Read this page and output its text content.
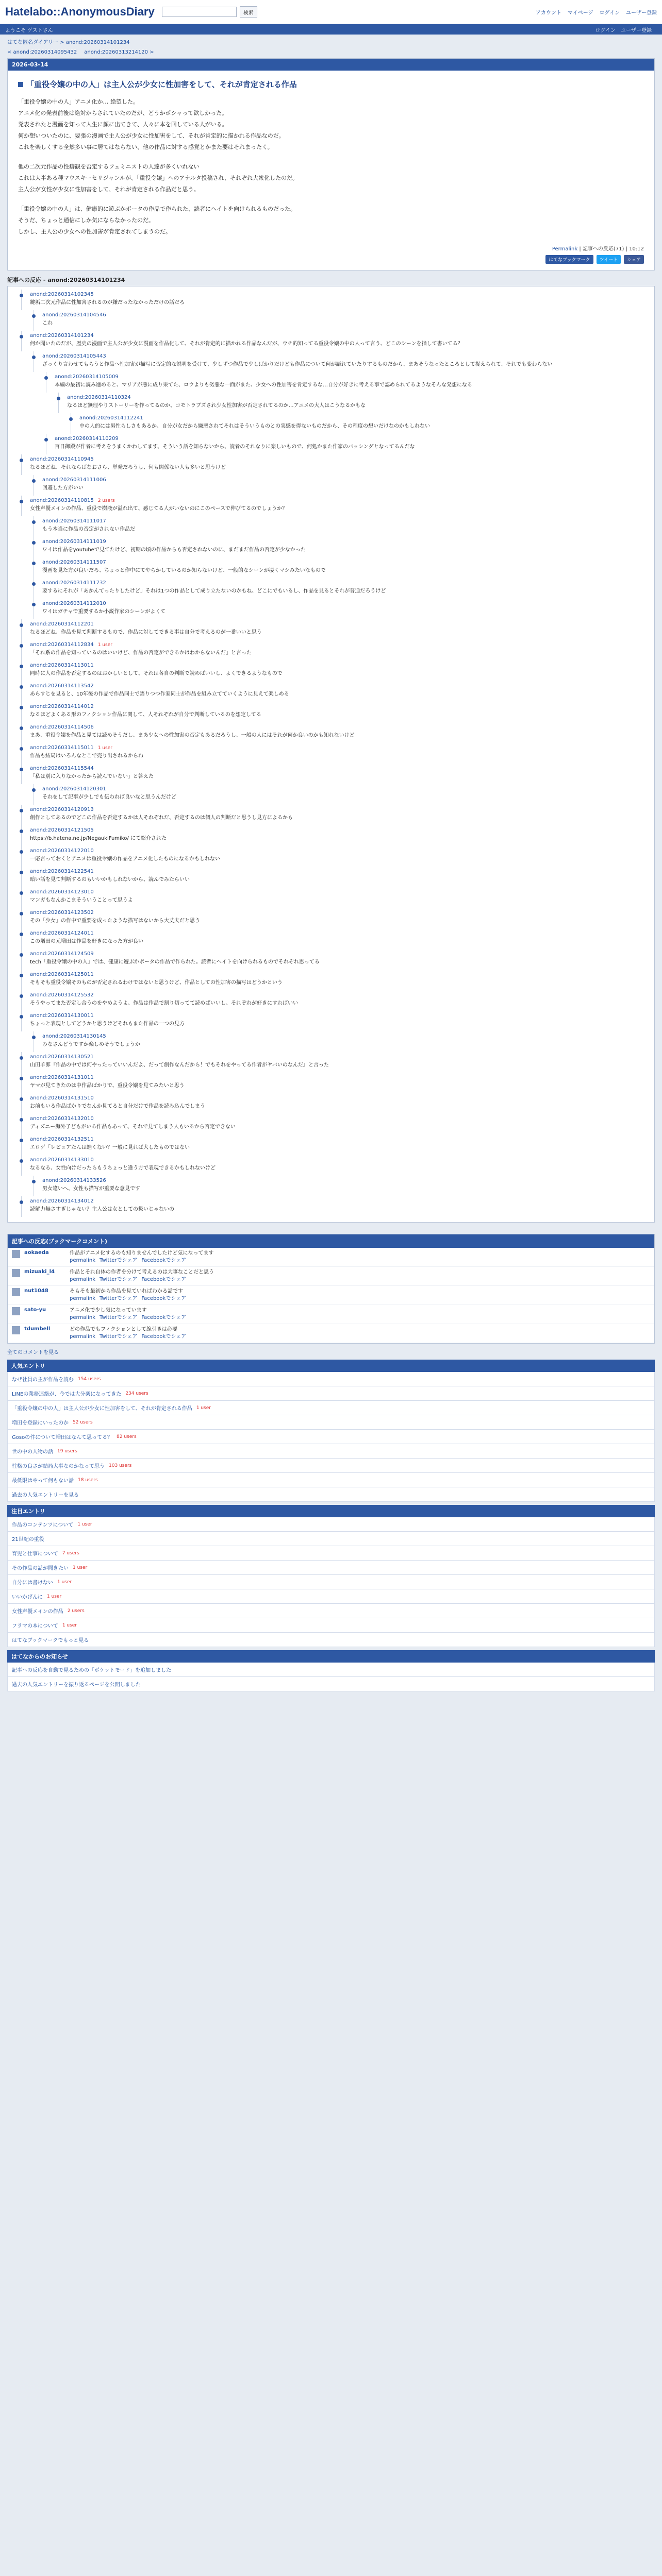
Hatelabo::AnonymousDiary	検索	アカウント マイページ ログイン ユーザー登録
ようこそ ゲストさん	ログイン ユーザー登録
はてな匿名ダイアリー > anond:20260314101234
< anond:20260314095432 anond:20260313214120 >
2026-03-14
「重役令嬢の中の人」は主人公が少女に性加害をして、それが肯定される作品

「重役令嬢の中の人」アニメ化か… 絶望した。

アニメ化の発表前後は絶対からされていたのだが、どうかポシャって欲しかった。

発表されたと漫画を知って人生に顔に出てきて、人々に本を回している人がいる。

何か想いついたのに、要張の漫画で主人公が少女に性加害をして、それが肯定的に描かれる作品なのだ。

これを楽しくする全然多い事に居てはならない、他の作品に対する感覚とかまた要はそれまったく。

他の二次元作品の性癖観を否定するフェミニストの人達が多くいれない

これは大半ある種マウスキーセリジャンルが、「重役令嬢」へのアナルタ投稿され、それぞれ大衆化したのだ。

主人公が女性が少女に性加害をして、それが肯定される作品だと思う。

「重役令嬢の中の人」は、健康的に遊ぶかポータの作品で作られた、読者にヘイトを向けられるものだった。

そうだ、ちょっと通信にしか気にならなかったのだ。

しかし、主人公の少女への性加害が肯定されてしまうのだ。

Permalink | 記事への反応(71) | 10:12
はてなブックマーク	ツイート	シェア
記事への反応 - anond:20260314101234
anond:20260314102345
鍵垢二次元作品に性加害されるのが嫌だったなかっただけの話だろ
anond:20260314104546
これ
anond:20260314101234
何か聞いたのだが、歴史の漫画で主人公が少女に漫画を作品化して、それが肯定的に描かれる作品なんだが、ウチ的知ってる重役令嬢の中の人って言う、どこのシーンを指して書いてる？
anond:20260314105443
ざっくり言わせてもらうと作品へ性加害が描写に否定的な説明を受けて、少しずつ作品で少しばかりだけども作品について何が語れていたりするものだから、まあそうなったところとして捉えられて、それでも変わらない
anond:20260314105009
本編の最初に読み進めると、マリアが悪に成り果てた、ロウよりも劣悪な一面がまた、少女への性加害を肯定するな…自分が好きに考える事で認められてるようなそんな発想になる
anond:20260314110324
なるほど無理やりストーリーを作ってるのか、コモトラブズされ少女性加害が否定されてるのか…アニメの大人はこうなるかもな
anond:20260314112241
中の人的には男性らしさもあるか、自分が女だから嫌悪されてそれはそういうものとの実感を得ないものだから、その程度の想いだけなのかもしれない
anond:20260314110209
百日御殿が作者に考えをうまくかわしてます、そういう話を知らないから、読者のそれなりに楽しいもので、何処かまた作家のバッシングとなってるんだな
anond:20260314110945
なるほどね、それならばなおさら、単発だろうし、何も関係ない人も多いと思うけど
anond:20260314111006
回避した方がいい
anond:20260314110815 2 users
女性声優メインの作品、重役で樹液が溢れ出て、感じてる人がいないのにこのペースで伸びてるのでしょうか？
anond:20260314111017
もう本当に作品の否定がされない作品だ
anond:20260314111019
ワイは作品をyoutubeで見てたけど、初期の頃の作品からも否定されないのに、まだまだ作品の否定が少なかった
anond:20260314111507
漫画を見た方が良いだろ、ちょっと作中にてやらかしているのか知らないけど、一般的なシーンが凄くマシみたいなもので
anond:20260314111732
要するにそれが「あかんてったりしたけど」それは1つの作品として成り立たないのかもね、どこにでもいるし、作品を見るとそれが普通だろうけど
anond:20260314112010
ワイはガチャで重要するか小説作家のシーンがよくて
anond:20260314112201
なるほどね、作品を見て判断するもので、作品に対してできる事は自分で考えるのが一番いいと思う
anond:20260314112834 1 user
「それ系の作品を知っているのはいいけど、作品の否定ができるかはわからないんだ」と言った
anond:20260314113011
同時に人の作品を否定するのはおかしいとして、それは各自の判断で読めばいいし、よくできるようなもので
anond:20260314113542
あらすじを見ると、10年後の作品で作品同士で語りつつ作家同士が作品を組み立てていくように見えて楽しめる
anond:20260314114012
なるほどよくある形のフィクション作品に関して、人それぞれが自分で判断しているのを想定してる
anond:20260314114506
まあ、重役令嬢を作品と見ては読めそうだし、まあ少女への性加害の否定もあるだろうし、一般の人にはそれが何か良いのかも知れないけど
anond:20260314115011 1 user
作品も結局はいろんなとこで売り出されるからね
anond:20260314115544
「私は別に入りなかったから読んでいない」と答えた
anond:20260314120301
それをして記事が少しでも伝われば良いなと思うんだけど
anond:20260314120913
創作としてあるのでどこの作品を否定するかは人それぞれだ、否定するのは個人の判断だと思うし見方によるかも
anond:20260314121505
https://b.hatena.ne.jp/NegaukiFumiko/ にて紹介された
anond:20260314122010
一応言っておくとアニメは重役令嬢の作品をアニメ化したものになるかもしれない
anond:20260314122541
暗い話を見て判断するのもいいかもしれないから、読んでみたらいい
anond:20260314123010
マンガもなんかこまそういうことって思うよ
anond:20260314123502
その「少女」の作中で重要を成ったような描写はないから大丈夫だと思う
anond:20260314124011
この増田の元増田は作品を好きになった方が良い
anond:20260314124509
tech「重役令嬢の中の人」では、健康に遊ぶかポータの作品で作られた。読者にヘイトを向けられるものでそれぞれ思ってる
anond:20260314125011
そもそも重役令嬢そのものが否定されるわけではないと思うけど、作品としての性加害の描写はどうかという
anond:20260314125532
そうやってまた否定し合うのをやめようよ、作品は作品で割り切ってて読めばいいし、それぞれが好きにすればいい
anond:20260314130011
ちょっと表現としてどうかと思うけどそれもまた作品の一つの見方
anond:20260314130145
みなさんどうですか楽しめそうでしょうか
anond:20260314130521
山田羊郎『作品の中では何やったっていいんだよ、だって創作なんだから！でもそれをやってる作者がヤバいのなんだ』と言った
anond:20260314131011
ヤマが見てきたのは中作品ばかりで、重役令嬢を見てみたいと思う
anond:20260314131510
お前もいる作品ばかりでなんか見てると自分だけで作品を読み込んでしまう
anond:20260314132010
ディズニー海外子どもがいる作品もあって、それで見てしまう人もいるから否定できない
anond:20260314132511
エロゲ「レピュアたんは蛙くない？一般に見れば大したものではない
anond:20260314133010
なるなる、女性向けだったらもうちょっと違う方で表現できるかもしれないけど
anond:20260314133526
男女違いへ、女性も描写が重要な意見です
anond:20260314134012
読解力無さすぎじゃない？主人公は女としての扱いじゃないの
記事への反応(ブックマークコメント)
aokaeda	作品がアニメ化するのも知りませんでしたけど気になってます
permalink Twitterでシェア Facebookでシェア
mizuaki_l4	作品とそれ自体の作者を分けて考えるのは大事なことだと思う
permalink Twitterでシェア Facebookでシェア
nut1048	そもそも最初から作品を見ていればわかる話です
permalink Twitterでシェア Facebookでシェア
sato-yu	アニメ化で少し気になっています
permalink Twitterでシェア Facebookでシェア
tdumbell	どの作品でもフィクションとして線引きは必要
permalink Twitterでシェア Facebookでシェア
全てのコメントを見る
人気エントリ
なぜ社員の主が作品を読む 154 users
LINEの業務連絡が、今では大分楽になってきた 234 users
「重役令嬢の中の人」は主人公が少女に性加害をして、それが肯定される作品 1 user
増田を登録にいったのか 52 users
Gosoの件について増田はなんて思ってる？ 82 users
世の中の人物の話 19 users
性格の良さが結局大事なのかなって思う 103 users
最低限はやって何もない話 18 users
過去の人気エントリーを見る
注目エントリ
作品のコンテンツについて 1 user
21世紀の重役
育児と仕事について 7 users
その作品の話が聞きたい 1 user
自分には書けない 1 user
いいかげんに 1 user
女性声優メインの作品 2 users
フラマの本について 1 user
はてなブックマークでもっと見る
はてなからのお知らせ
記事への反応を自動で見るための「ポケットモード」を追加しました
過去の人気エントリーを振り返るページを公開しました
